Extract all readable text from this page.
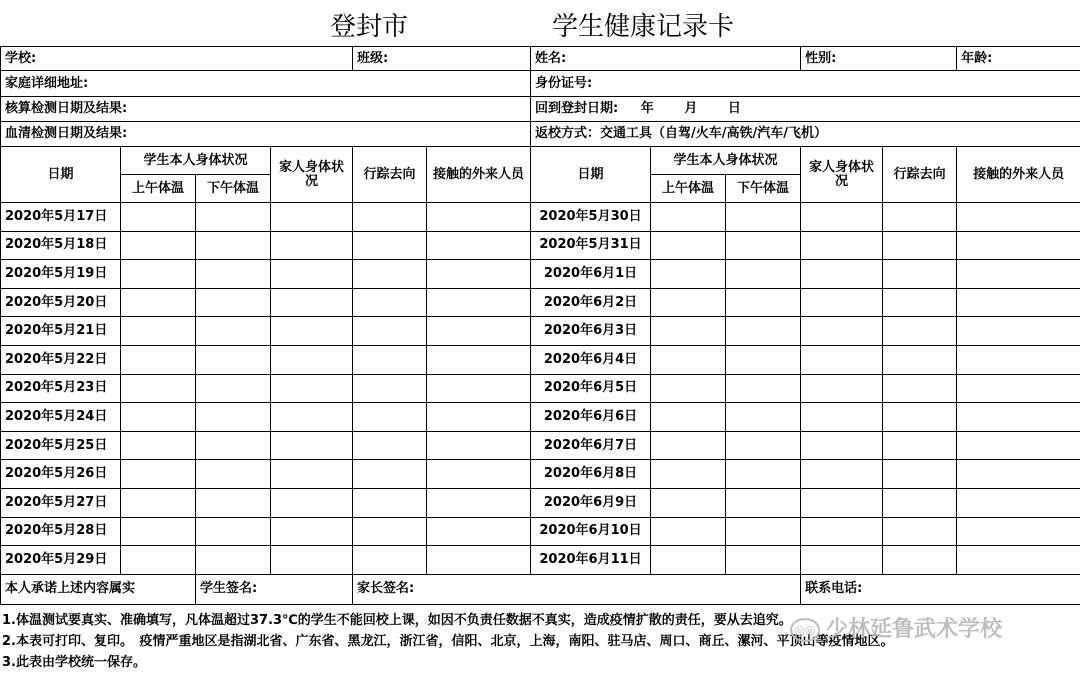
登封市	学生健康记录卡
学校:				班级:		姓名:			性别:		年龄:
家庭详细地址:						身份证号:					
核算检测日期及结果:						回到登封日期: 年 月 日					
血清检测日期及结果:						返校方式：交通工具（自驾/火车/高铁/汽车/飞机）					
日期	学生本人身体状况		家人身体状况	行踪去向	接触的外来人员	日期	学生本人身体状况		家人身体状况	行踪去向	接触的外来人员
	上午体温	下午体温					上午体温	下午体温			
2020年5月17日						2020年5月30日					
2020年5月18日						2020年5月31日					
2020年5月19日						2020年6月1日					
2020年5月20日						2020年6月2日					
2020年5月21日						2020年6月3日					
2020年5月22日						2020年6月4日					
2020年5月23日						2020年6月5日					
2020年5月24日						2020年6月6日					
2020年5月25日						2020年6月7日					
2020年5月26日						2020年6月8日					
2020年5月27日						2020年6月9日					
2020年5月28日						2020年6月10日					
2020年5月29日						2020年6月11日					
本人承诺上述内容属实		学生签名:		家长签名:					联系电话:		
1.体温测试要真实、准确填写，凡体温超过37.3℃的学生不能回校上课，如因不负责任数据不真实，造成疫情扩散的责任，要从去追究。
2.本表可打印、复印。　疫情严重地区是指湖北省、广东省、黑龙江，浙江省，信阳、北京，上海，南阳、驻马店、周口、商丘、漯河、平顶山等疫情地区。
3.此表由学校统一保存。
◎◎ 少林延鲁武术学校
